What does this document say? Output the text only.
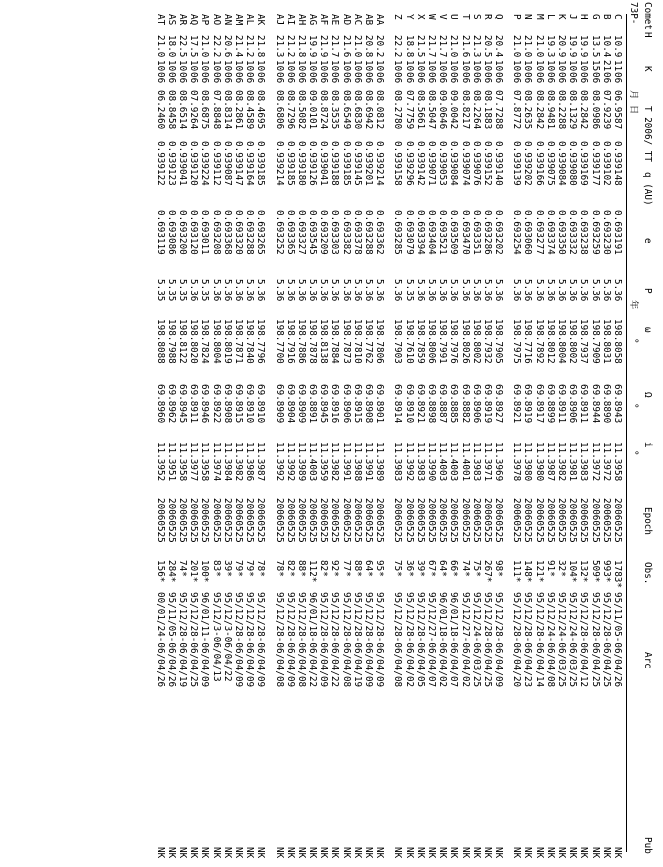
Comet
H
K
T 2006/ TT
q (AU)
e
P
ω
Ω
i
Epoch
Obs.
Arc
Pub
73P-
月 日
年
°
°
°
C
10.9
11
06
06.9587
0.939148
0.693191
5.36
198.8058
69.8943
11.3958
20060525
1783*
95/11/05-06/04/26
NK
B
10.4
21
06
07.9239
0.939102
0.693230
5.36
198.8031
69.8890
11.3972
20060525
993*
95/12/28-06/04/25
NK
G
13.5
15
06
08.0986
0.939177
0.693259
5.36
198.7909
69.8944
11.3972
20060525
509*
95/12/28-06/04/25
NK
H
19.9
10
06
08.2842
0.939169
0.693238
5.36
198.7937
69.8911
11.3983
20060525
132*
95/12/28-06/04/12
NK
J
19.9
10
06
08.1329
0.939080
0.693332
5.36
198.8002
69.8906
11.3981
20060525
104*
95/12/24-06/03/25
NK
K
20.9
10
06
08.2288
0.939084
0.693350
5.36
198.8004
69.8911
11.3982
20060525
32*
95/12/24-06/03/25
NK
L
19.3
10
06
08.9481
0.939075
0.693374
5.36
198.8012
69.8899
11.3987
20060525
91*
95/12/24-06/04/08
NK
M
21.0
10
06
08.2842
0.939166
0.693277
5.36
198.7892
69.8917
11.3980
20060525
121*
95/12/28-06/04/14
NK
N
21.0
10
06
08.2635
0.939202
0.693060
5.36
198.7716
69.8919
11.3980
20060525
148*
95/12/28-06/04/23
NK
P
21.0
10
06
07.8772
0.939139
0.693254
5.36
198.7975
69.8921
11.3978
20060525
111*
95/12/28-06/04/20
NK
Q
20.4
10
06
07.7288
0.939140
0.693202
5.36
198.7905
69.8927
11.3969
20060525
98*
95/12/28-06/04/09
NK
R
20.5
10
06
08.1883
0.939152
0.693286
5.36
198.7932
69.8919
11.3971
20060525
267*
95/12/28-06/04/25
NK
S
21.3
10
06
08.2264
0.939076
0.693351
5.36
198.8002
69.8906
11.3983
20060525
75*
95/12/24-06/03/25
NK
T
21.6
10
06
08.8217
0.939074
0.693470
5.36
198.8026
69.8882
11.4001
20060525
74*
95/12/27-06/04/02
NK
U
21.0
10
06
09.0042
0.939084
0.693509
5.36
198.7976
69.8885
11.4003
20060525
66*
96/01/18-06/04/07
NK
V
21.7
10
06
09.0646
0.939053
0.693521
5.36
198.7991
69.8887
11.4003
20060525
64*
96/01/18-06/04/02
NK
W
21.7
10
06
08.5047
0.939071
0.693404
5.36
198.8006
69.8898
11.3990
20060525
67*
95/12/27-06/04/07
NK
X
21.5
10
06
08.5661
0.939142
0.693394
5.36
198.7859
69.8921
11.3983
20060525
39*
95/12/28-06/04/05
NK
Y
18.8
10
06
07.7759
0.939296
0.693079
5.35
198.7610
69.8910
11.3992
20060525
36*
95/12/28-06/04/02
NK
Z
22.2
10
06
08.2780
0.939158
0.693285
5.36
198.7903
69.8914
11.3983
20060525
75*
95/12/28-06/04/08
NK
AA
20.2
10
06
08.0812
0.939214
0.693362
5.36
198.7806
69.8901
11.3989
20060525
95*
95/12/28-06/04/09
NK
AB
20.8
10
06
08.6942
0.939201
0.693288
5.36
198.7762
69.8908
11.3991
20060525
64*
95/12/28-06/04/09
NK
AC
21.0
10
06
08.6830
0.939145
0.693378
5.36
198.7810
69.8915
11.3988
20060525
88*
95/12/28-06/04/19
NK
AD
21.6
10
06
08.6549
0.939185
0.693382
5.36
198.7873
69.8906
11.3991
20060525
77*
95/12/28-06/04/08
NK
AE
21.7
10
06
08.3535
0.939188
0.693303
5.36
198.7884
69.8916
11.3982
20060525
92*
95/12/28-06/04/22
NK
AF
21.9
10
06
08.8724
0.939041
0.693209
5.36
198.8138
69.8945
11.3959
20060525
82*
95/12/28-06/04/09
NK
AG
19.9
10
06
09.0101
0.939126
0.693545
5.36
198.7878
69.8891
11.4003
20060525
112*
96/01/18-06/04/22
NK
AH
21.8
10
06
08.5082
0.939180
0.693327
5.36
198.7886
69.8909
11.3989
20060525
88*
95/12/28-06/04/08
NK
AI
21.2
10
06
08.7296
0.939185
0.693365
5.36
198.7916
69.8904
11.3992
20060525
82*
95/12/28-06/04/09
NK
AJ
21.3
10
06
08.6806
0.939214
0.693252
5.36
198.7700
69.8909
11.3992
20060525
78*
95/12/28-06/04/08
NK
AK
21.8
10
06
08.4695
0.939185
0.693265
5.36
198.7796
69.8910
11.3987
20060525
78*
95/12/28-06/04/09
NK
AL
21.2
10
06
08.4589
0.939164
0.693288
5.36
198.7840
69.8910
11.3986
20060525
79*
95/12/28-06/04/09
NK
AM
21.4
10
06
08.2861
0.939147
0.693320
5.36
198.7871
69.8915
11.3982
20060525
79*
95/12/28-06/04/09
NK
AN
20.6
10
06
08.8314
0.939087
0.693368
5.36
198.8019
69.8908
11.3984
20060525
39*
95/12/3-06/04/22
NK
AO
22.2
10
06
07.8848
0.939112
0.693208
5.36
198.8004
69.8922
11.3974
20060525
83*
95/12/3-06/04/13
NK
AP
21.0
10
06
08.6875
0.939224
0.693011
5.35
198.7824
69.8946
11.3958
20060525
100*
96/01/11-06/04/09
NK
AQ
17.5
10
06
07.9264
0.939120
0.693120
5.36
198.8020
69.8911
11.3977
20060525
201*
95/12/28-06/04/25
NK
AR
22.5
10
06
08.6514
0.939041
0.693200
5.35
198.8122
69.8945
11.3958
20060525
74*
95/12/28-06/04/19
NK
AS
18.0
10
06
08.8458
0.939123
0.693086
5.35
198.7988
69.8962
11.3951
20060525
284*
95/11/05-06/04/26
NK
AT
21.0
10
06
06.2460
0.939122
0.693119
5.35
198.8088
69.8960
11.3952
20060525
156*
00/01/24-06/04/26
NK
